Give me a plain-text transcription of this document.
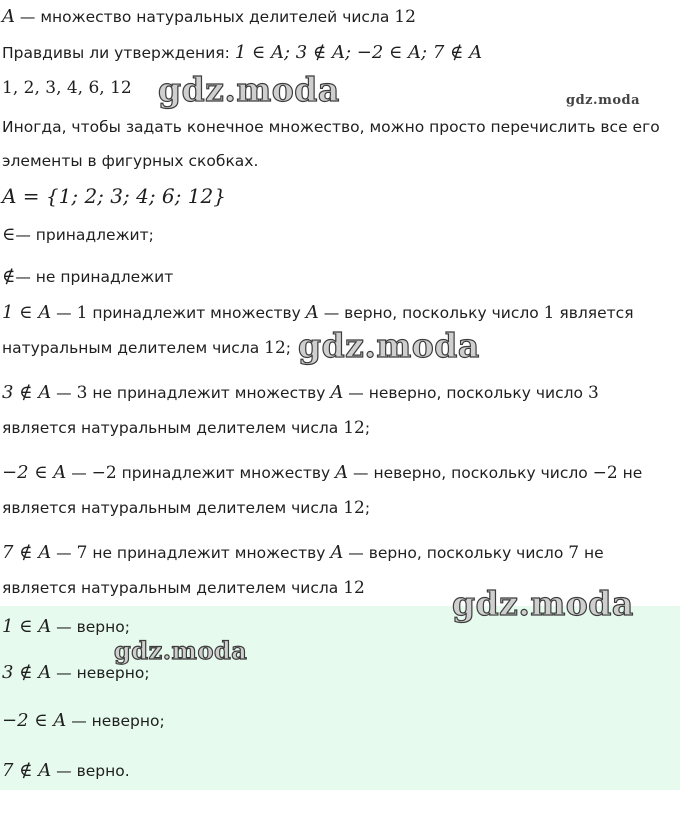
A — множество натуральных делителей числа 12
Правдивы ли утверждения: 1 ∈ A; 3 ∉ A; −2 ∈ A; 7 ∉ A
1, 2, 3, 4, 6, 12
Иногда, чтобы задать конечное множество, можно просто перечислить все его
элементы в фигурных скобках.
A = {1; 2; 3; 4; 6; 12}
∈— принадлежит;
∉— не принадлежит
1 ∈ A — 1 принадлежит множеству A — верно, поскольку число 1 является
натуральным делителем числа 12;
3 ∉ A — 3 не принадлежит множеству A — неверно, поскольку число 3
является натуральным делителем числа 12;
−2 ∈ A — −2 принадлежит множеству A — неверно, поскольку число −2 не
является натуральным делителем числа 12;
7 ∉ A — 7 не принадлежит множеству A — верно, поскольку число 7 не
является натуральным делителем числа 12
1 ∈ A — верно;
3 ∉ A — неверно;
−2 ∈ A — неверно;
7 ∉ A — верно.
gdz.moda	gdz.moda
gdz.moda
gdz.moda
gdz.moda
